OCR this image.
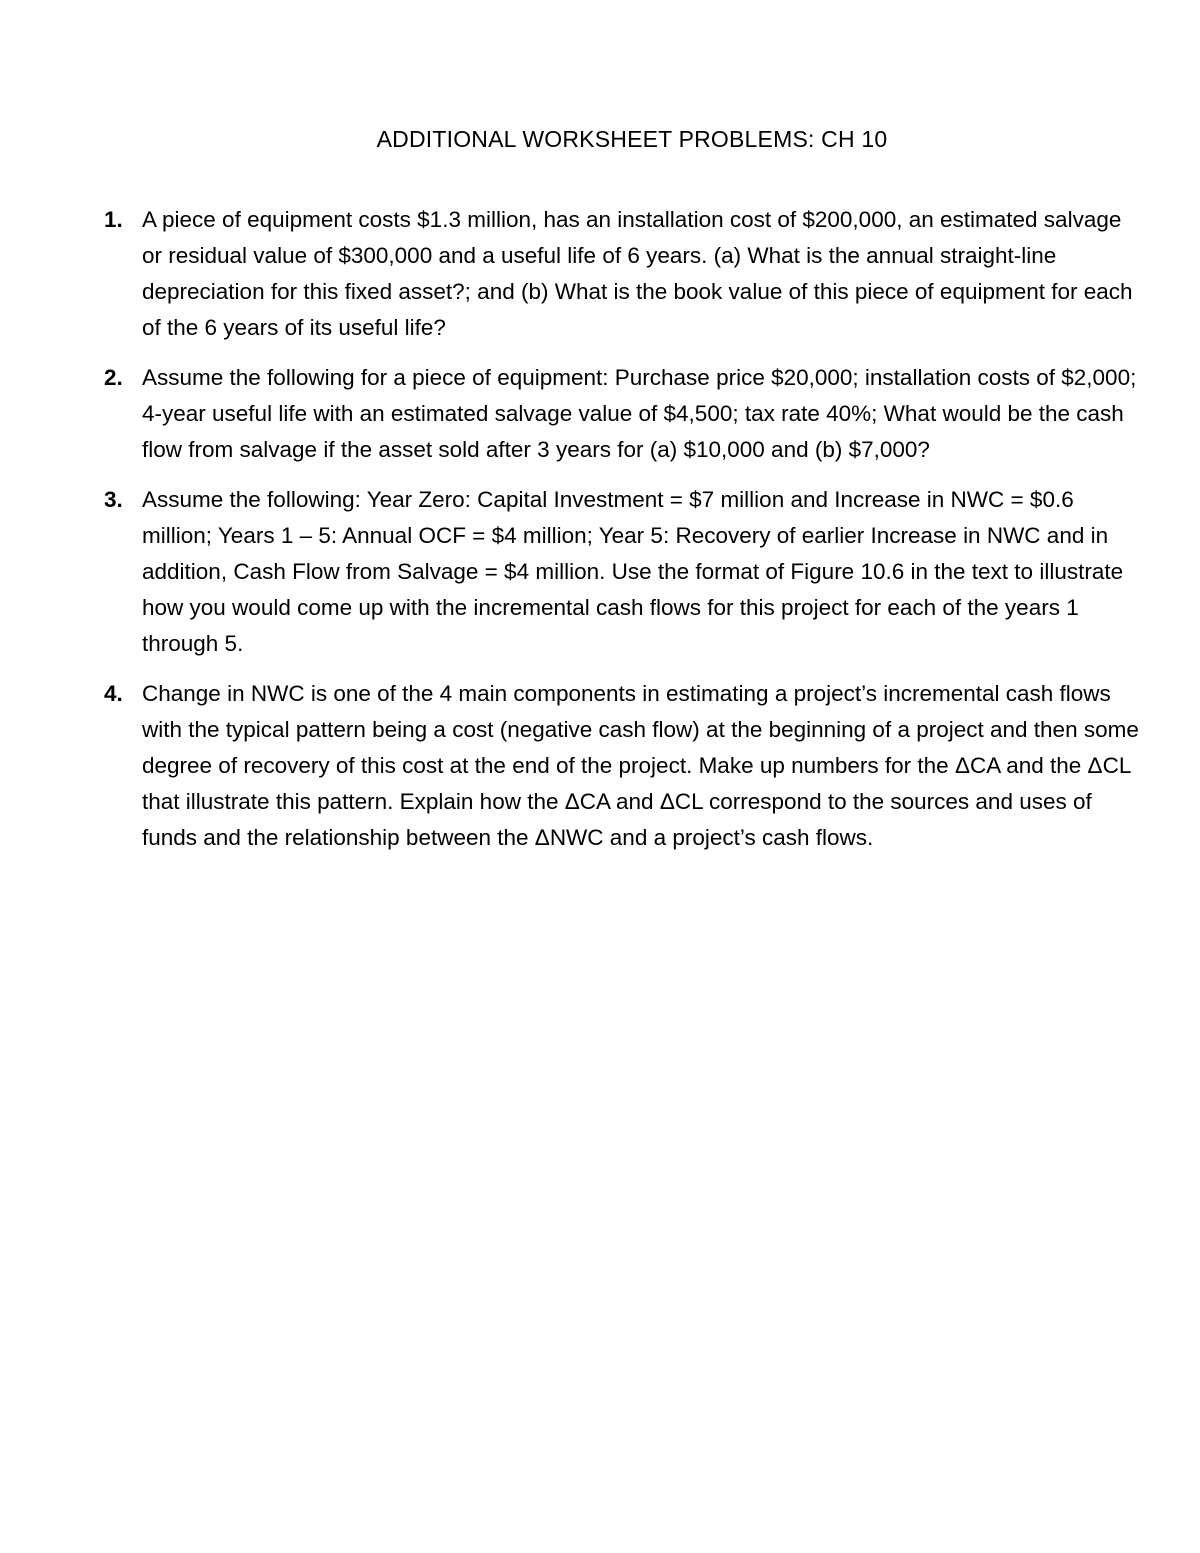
ADDITIONAL WORKSHEET PROBLEMS: CH 10
1. A piece of equipment costs $1.3 million, has an installation cost of $200,000, an estimated salvage or residual value of $300,000 and a useful life of 6 years. (a) What is the annual straight-line depreciation for this fixed asset?; and (b) What is the book value of this piece of equipment for each of the 6 years of its useful life?
2. Assume the following for a piece of equipment: Purchase price $20,000; installation costs of $2,000; 4-year useful life with an estimated salvage value of $4,500; tax rate 40%; What would be the cash flow from salvage if the asset sold after 3 years for (a) $10,000 and (b) $7,000?
3. Assume the following: Year Zero: Capital Investment = $7 million and Increase in NWC = $0.6 million; Years 1 – 5: Annual OCF = $4 million; Year 5: Recovery of earlier Increase in NWC and in addition, Cash Flow from Salvage = $4 million. Use the format of Figure 10.6 in the text to illustrate how you would come up with the incremental cash flows for this project for each of the years 1 through 5.
4. Change in NWC is one of the 4 main components in estimating a project’s incremental cash flows with the typical pattern being a cost (negative cash flow) at the beginning of a project and then some degree of recovery of this cost at the end of the project. Make up numbers for the ΔCA and the ΔCL that illustrate this pattern. Explain how the ΔCA and ΔCL correspond to the sources and uses of funds and the relationship between the ΔNWC and a project’s cash flows.
